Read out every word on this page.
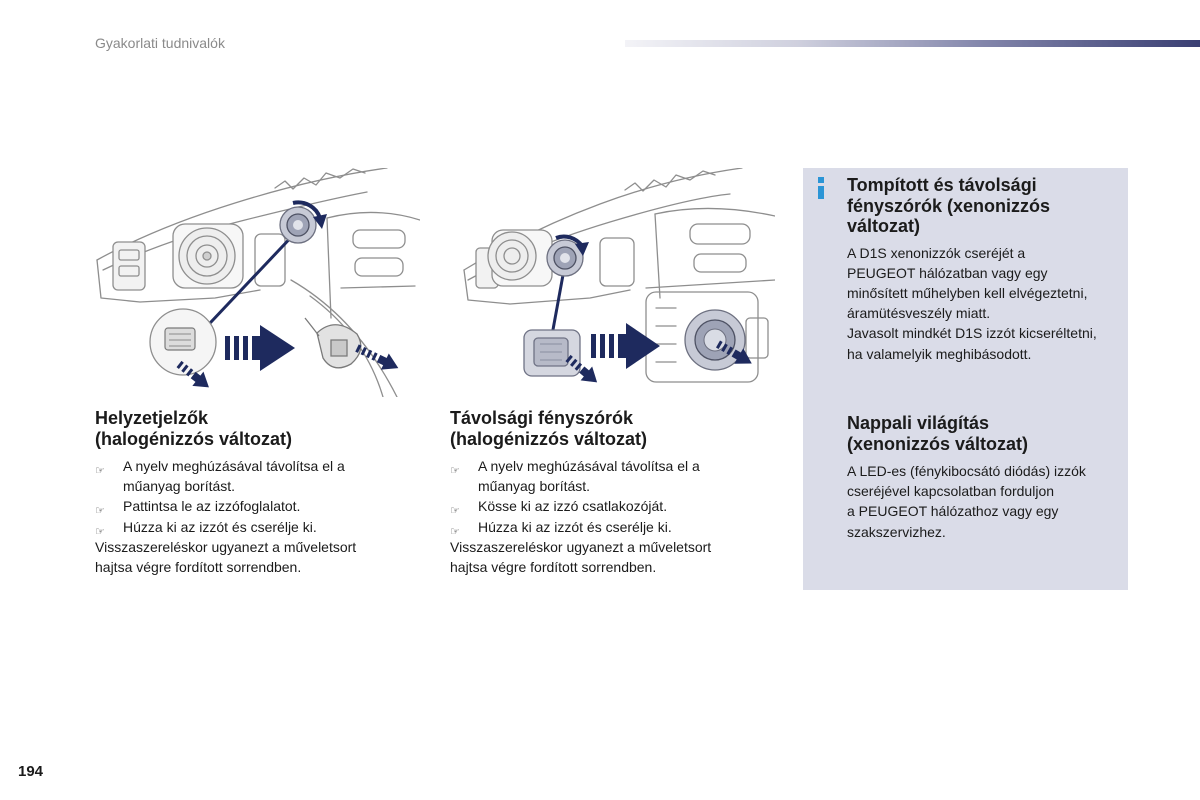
Gyakorlati tudnivalók
Helyzetjelzők
(halogénizzós változat)
☞
A nyelv meghúzásával távolítsa el a
műanyag borítást.
☞
Pattintsa le az izzófoglalatot.
☞
Húzza ki az izzót és cserélje ki.
Visszaszereléskor ugyanezt a műveletsort
hajtsa végre fordított sorrendben.
Távolsági fényszórók
(halogénizzós változat)
☞
A nyelv meghúzásával távolítsa el a
műanyag borítást.
☞
Kösse ki az izzó csatlakozóját.
☞
Húzza ki az izzót és cserélje ki.
Visszaszereléskor ugyanezt a műveletsort
hajtsa végre fordított sorrendben.
Tompított és távolsági
fényszórók (xenonizzós
változat)
A D1S xenonizzók cseréjét a
PEUGEOT hálózatban vagy egy
minősített műhelyben kell elvégeztetni,
áramütésveszély miatt.
Javasolt mindkét D1S izzót kicseréltetni,
ha valamelyik meghibásodott.
Nappali világítás
(xenonizzós változat)
A LED-es (fénykibocsátó diódás) izzók
cseréjével kapcsolatban forduljon
a PEUGEOT hálózathoz vagy egy
szakszervizhez.
194
